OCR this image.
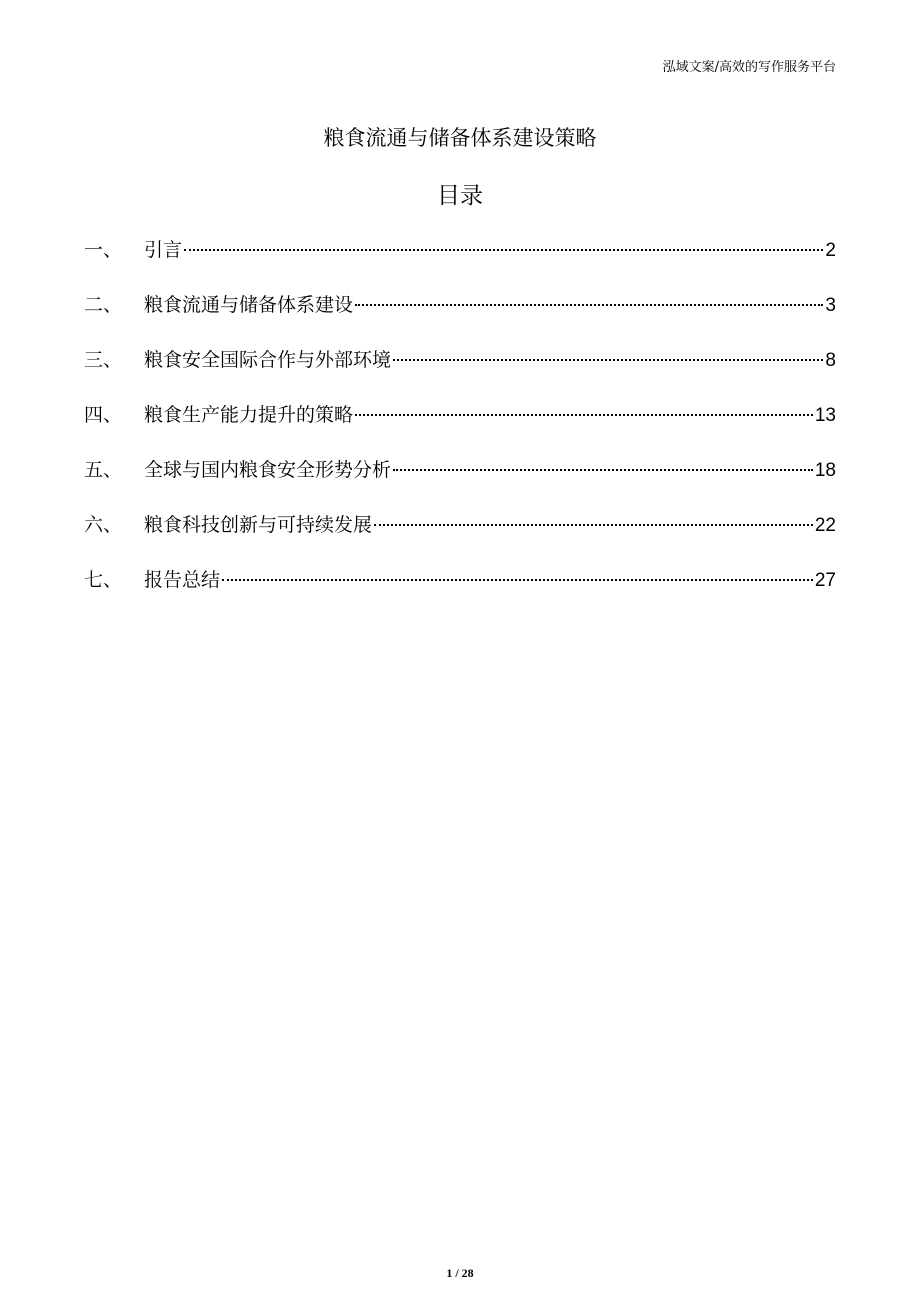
泓域文案/高效的写作服务平台
粮食流通与储备体系建设策略
目录
一、	引言	2
二、	粮食流通与储备体系建设	3
三、	粮食安全国际合作与外部环境	8
四、	粮食生产能力提升的策略	13
五、	全球与国内粮食安全形势分析	18
六、	粮食科技创新与可持续发展	22
七、	报告总结	27
1 / 28
